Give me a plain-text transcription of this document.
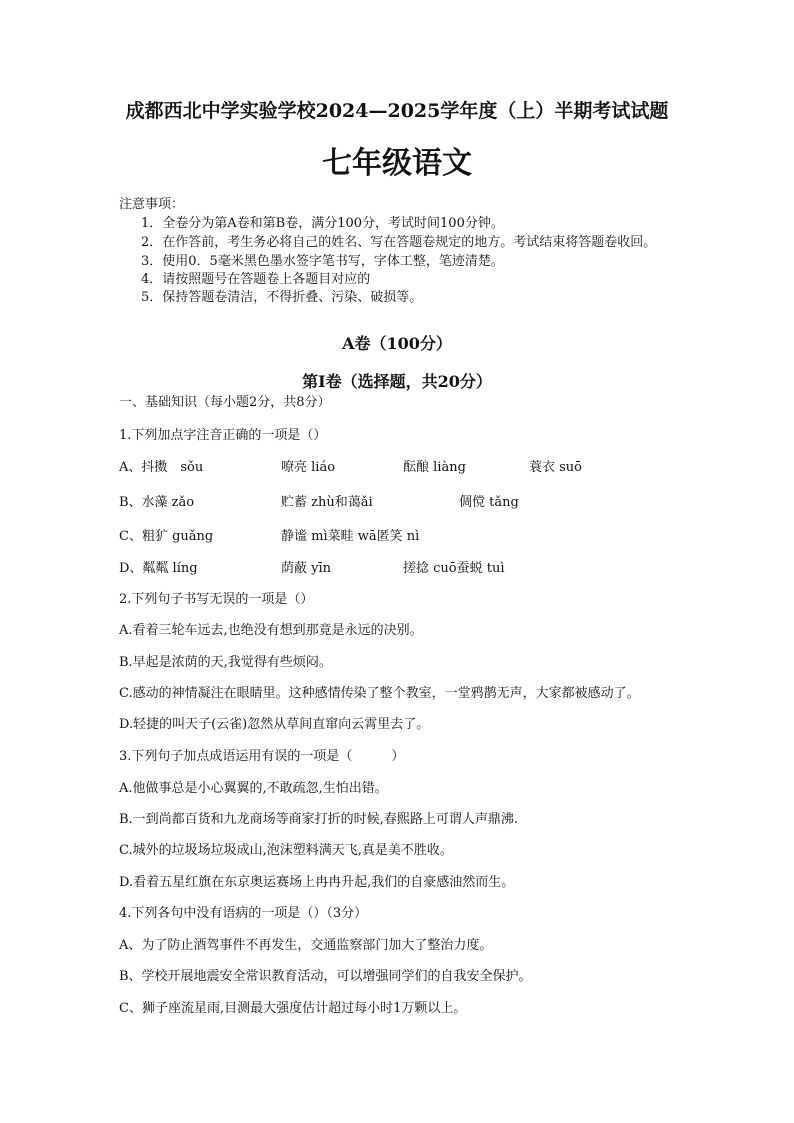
成都西北中学实验学校2024—2025学年度（上）半期考试试题
七年级语文
注意事项：
1．全卷分为第A卷和第B卷，满分100分，考试时间100分钟。
2．在作答前，考生务必将自己的姓名、写在答题卷规定的地方。考试结束将答题卷收回。
3．使用0．5毫米黑色墨水签字笔书写，字体工整，笔迹清楚。
4．请按照题号在答题卷上各题目对应的
5．保持答题卷清洁，不得折叠、污染、破损等。
A卷（100分）
第Ⅰ卷（选择题，共20分）
一、基础知识（每小题2分，共8分）
1.下列加点字注音正确的一项是（）
A、抖擞　sǒu	嘹亮 liáo	酝酿 liàng	蓑衣 suō
B、水藻 zǎo	贮蓄 zhù和蔼ǎi	倜傥 tǎng
C、粗犷 guǎng	静谧 mì菜畦 wā匿笑 nì
D、粼粼 líng	荫蔽 yīn	搓捻 cuō蚕蜕 tuì
2.下列句子书写无误的一项是（）
A.看着三轮车远去,也绝没有想到那竟是永远的决别。
B.早起是浓荫的天,我觉得有些烦闷。
C.感动的神情凝注在眼睛里。这种感情传染了整个教室，一堂鸦鹊无声，大家都被感动了。
D.轻捷的叫天子(云雀)忽然从草间直窜向云霄里去了。
3.下列句子加点成语运用有误的一项是（　　　）
A.他做事总是小心翼翼的,不敢疏忽,生怕出错。
B.一到尚都百货和九龙商场等商家打折的时候,春熙路上可谓人声鼎沸.
C.城外的垃圾场垃圾成山,泡沫塑料满天飞,真是美不胜收。
D.看着五星红旗在东京奥运赛场上冉冉升起,我们的自豪感油然而生。
4.下列各句中没有语病的一项是（）（3分）
A、为了防止酒驾事件不再发生，交通监察部门加大了整治力度。
B、学校开展地震安全常识教育活动，可以增强同学们的自我安全保护。
C、狮子座流星雨,目测最大强度估计超过每小时1万颗以上。
